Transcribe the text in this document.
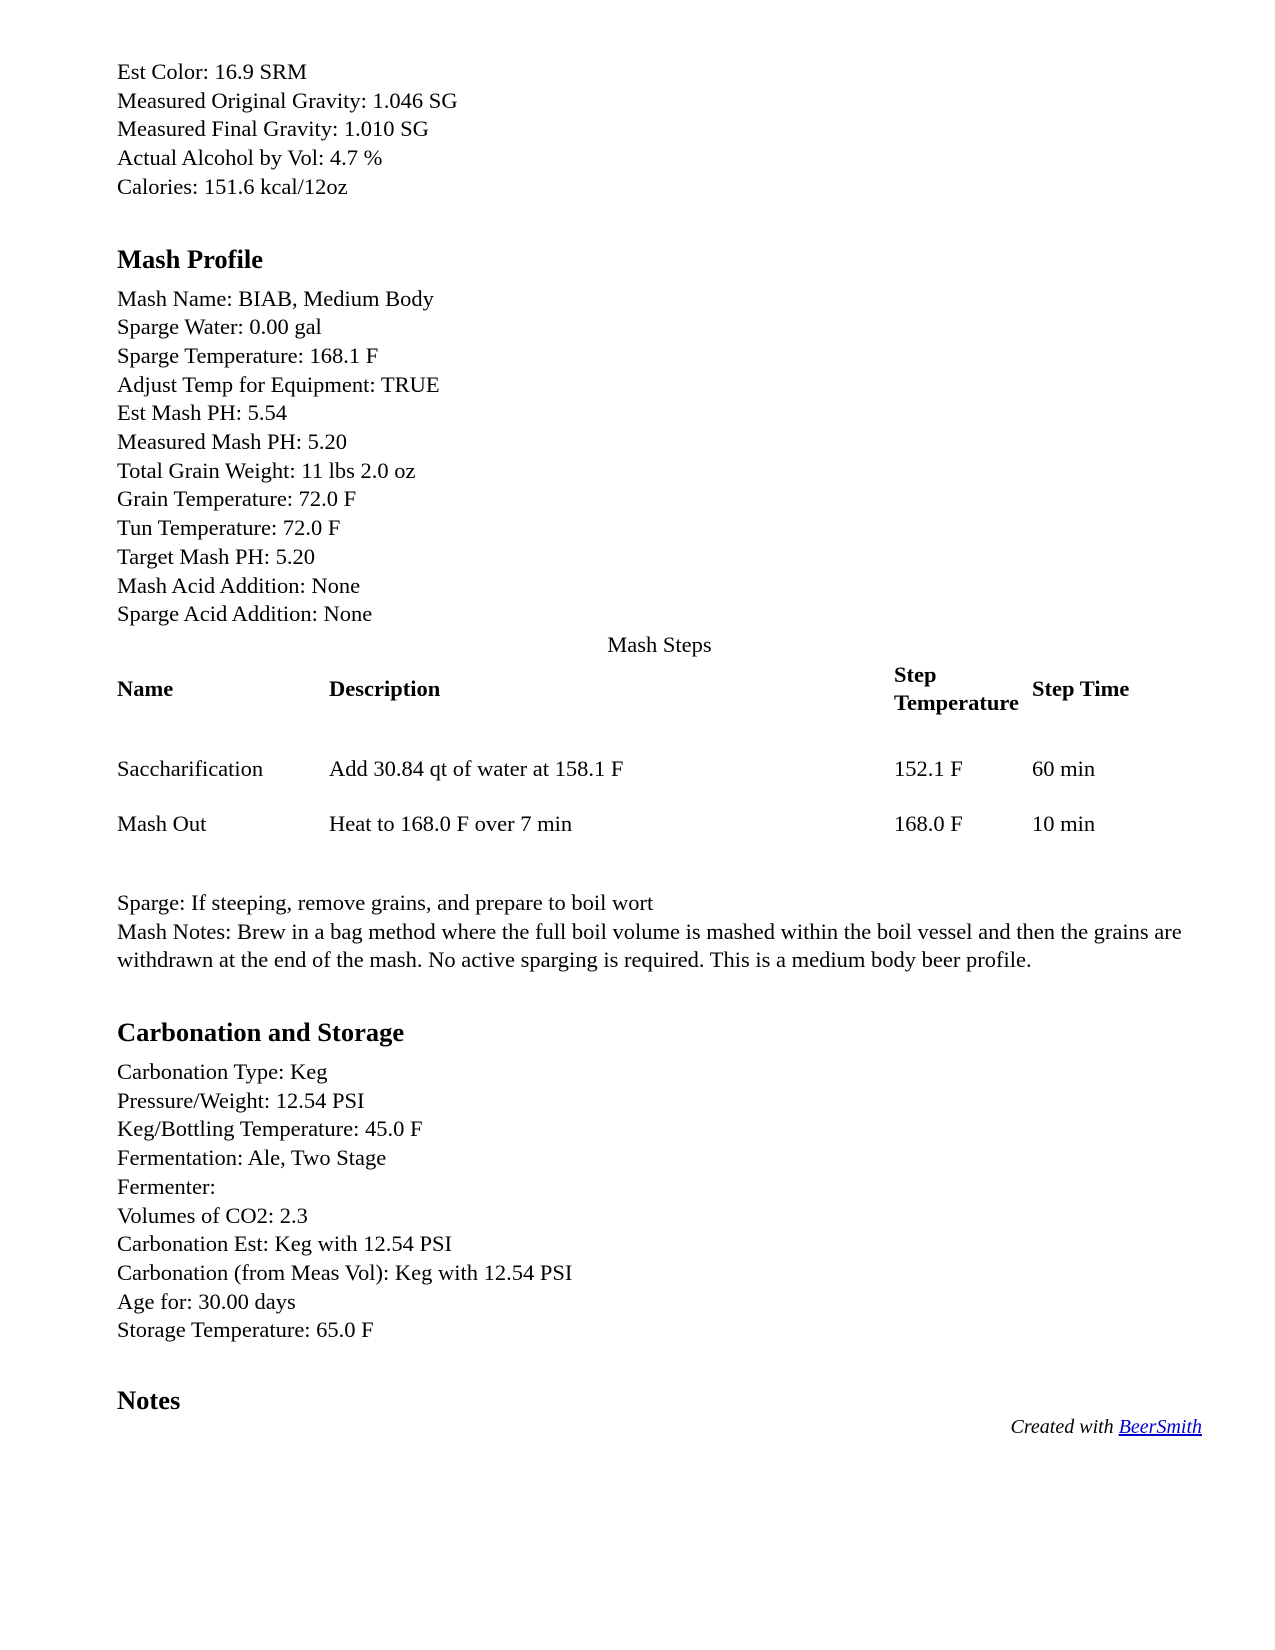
Est Color: 16.9 SRM
Measured Original Gravity: 1.046 SG
Measured Final Gravity: 1.010 SG
Actual Alcohol by Vol: 4.7 %
Calories: 151.6 kcal/12oz
Mash Profile
Mash Name: BIAB, Medium Body
Sparge Water: 0.00 gal
Sparge Temperature: 168.1 F
Adjust Temp for Equipment: TRUE
Est Mash PH: 5.54
Measured Mash PH: 5.20
Total Grain Weight: 11 lbs 2.0 oz
Grain Temperature: 72.0 F
Tun Temperature: 72.0 F
Target Mash PH: 5.20
Mash Acid Addition: None
Sparge Acid Addition: None
Mash Steps
Name	Description	Step Temperature	Step Time
Saccharification	Add 30.84 qt of water at 158.1 F	152.1 F	60 min
Mash Out	Heat to 168.0 F over 7 min	168.0 F	10 min
Sparge: If steeping, remove grains, and prepare to boil wort
Mash Notes: Brew in a bag method where the full boil volume is mashed within the boil vessel and then the grains are withdrawn at the end of the mash. No active sparging is required. This is a medium body beer profile.
Carbonation and Storage
Carbonation Type: Keg
Pressure/Weight: 12.54 PSI
Keg/Bottling Temperature: 45.0 F
Fermentation: Ale, Two Stage
Fermenter:
Volumes of CO2: 2.3
Carbonation Est: Keg with 12.54 PSI
Carbonation (from Meas Vol): Keg with 12.54 PSI
Age for: 30.00 days
Storage Temperature: 65.0 F
Notes
Created with BeerSmith
